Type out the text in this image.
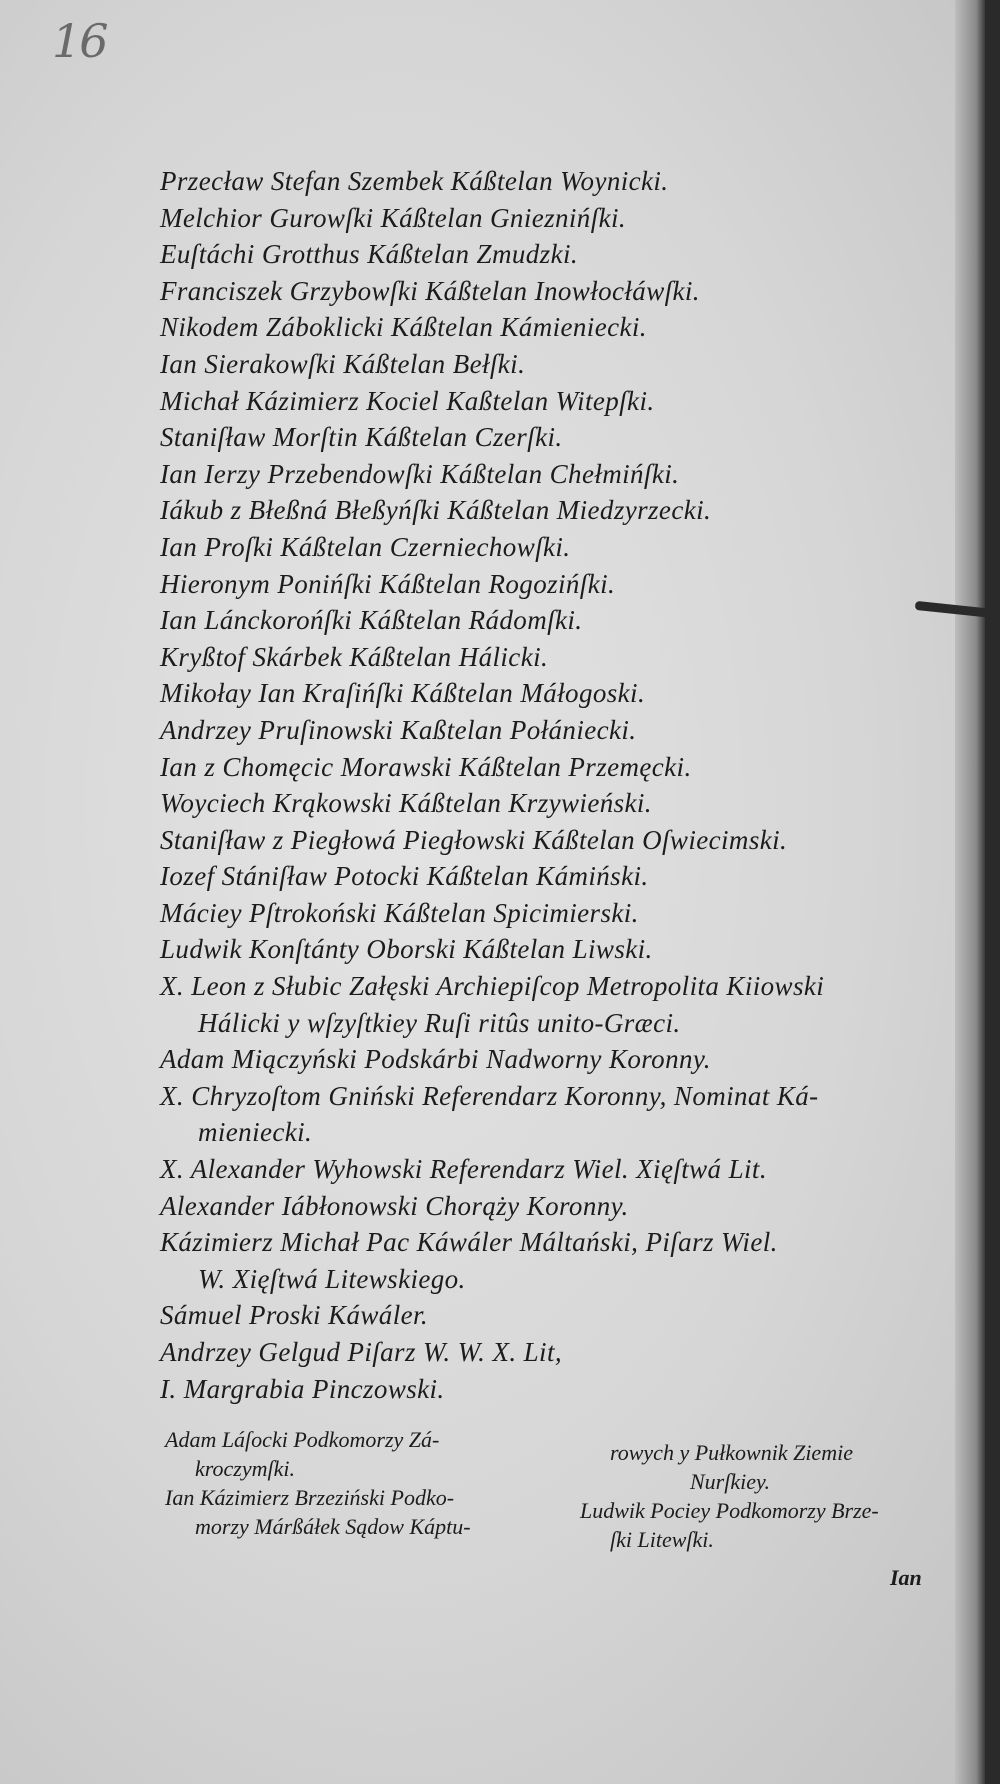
16
Przecław Stefan Szembek Káßtelan Woynicki.
Melchior Gurowſki Káßtelan Gnieznińſki.
Euſtáchi Grotthus Káßtelan Zmudzki.
Franciszek Grzybowſki Káßtelan Inowłocłáwſki.
Nikodem Záboklicki Káßtelan Kámieniecki.
Ian Sierakowſki Káßtelan Bełſki.
Michał Kázimierz Kociel Kaßtelan Witepſki.
Staniſław Morſtin Káßtelan Czerſki.
Ian Ierzy Przebendowſki Káßtelan Chełmińſki.
Iákub z Błeßná Błeßyńſki Káßtelan Miedzyrzecki.
Ian Proſki Káßtelan Czerniechowſki.
Hieronym Ponińſki Káßtelan Rogozińſki.
Ian Lánckorońſki Káßtelan Rádomſki.
Kryßtof Skárbek Káßtelan Hálicki.
Mikołay Ian Kraſińſki Káßtelan Máłogoski.
Andrzey Pruſinowski Kaßtelan Połániecki.
Ian z Chomęcic Morawski Káßtelan Przemęcki.
Woyciech Krąkowski Káßtelan Krzywieński.
Staniſław z Piegłowá Piegłowski Káßtelan Oſwiecimski.
Iozef Stániſław Potocki Káßtelan Kámiński.
Máciey Pſtrokoński Káßtelan Spicimierski.
Ludwik Konſtánty Oborski Káßtelan Liwski.
X. Leon z Słubic Załęski Archiepiſcop Metropolita Kiiowski
Hálicki y wſzyſtkiey Ruſi ritûs unito-Græci.
Adam Miączyński Podskárbi Nadworny Koronny.
X. Chryzoſtom Gniński Referendarz Koronny, Nominat Ká-
mieniecki.
X. Alexander Wyhowski Referendarz Wiel. Xięſtwá Lit.
Alexander Iábłonowski Chorąży Koronny.
Kázimierz Michał Pac Káwáler Máltański, Piſarz Wiel.
W. Xięſtwá Litewskiego.
Sámuel Proski Káwáler.
Andrzey Gelgud Piſarz W. W. X. Lit,
I. Margrabia Pinczowski.
Adam Láſocki Podkomorzy Zá-
kroczymſki.
Ian Kázimierz Brzeziński Podko-
morzy Márßáłek Sądow Káptu-
rowych y Pułkownik Ziemie
Nurſkiey.
Ludwik Pociey Podkomorzy Brze-
ſki Litewſki.
Ian
